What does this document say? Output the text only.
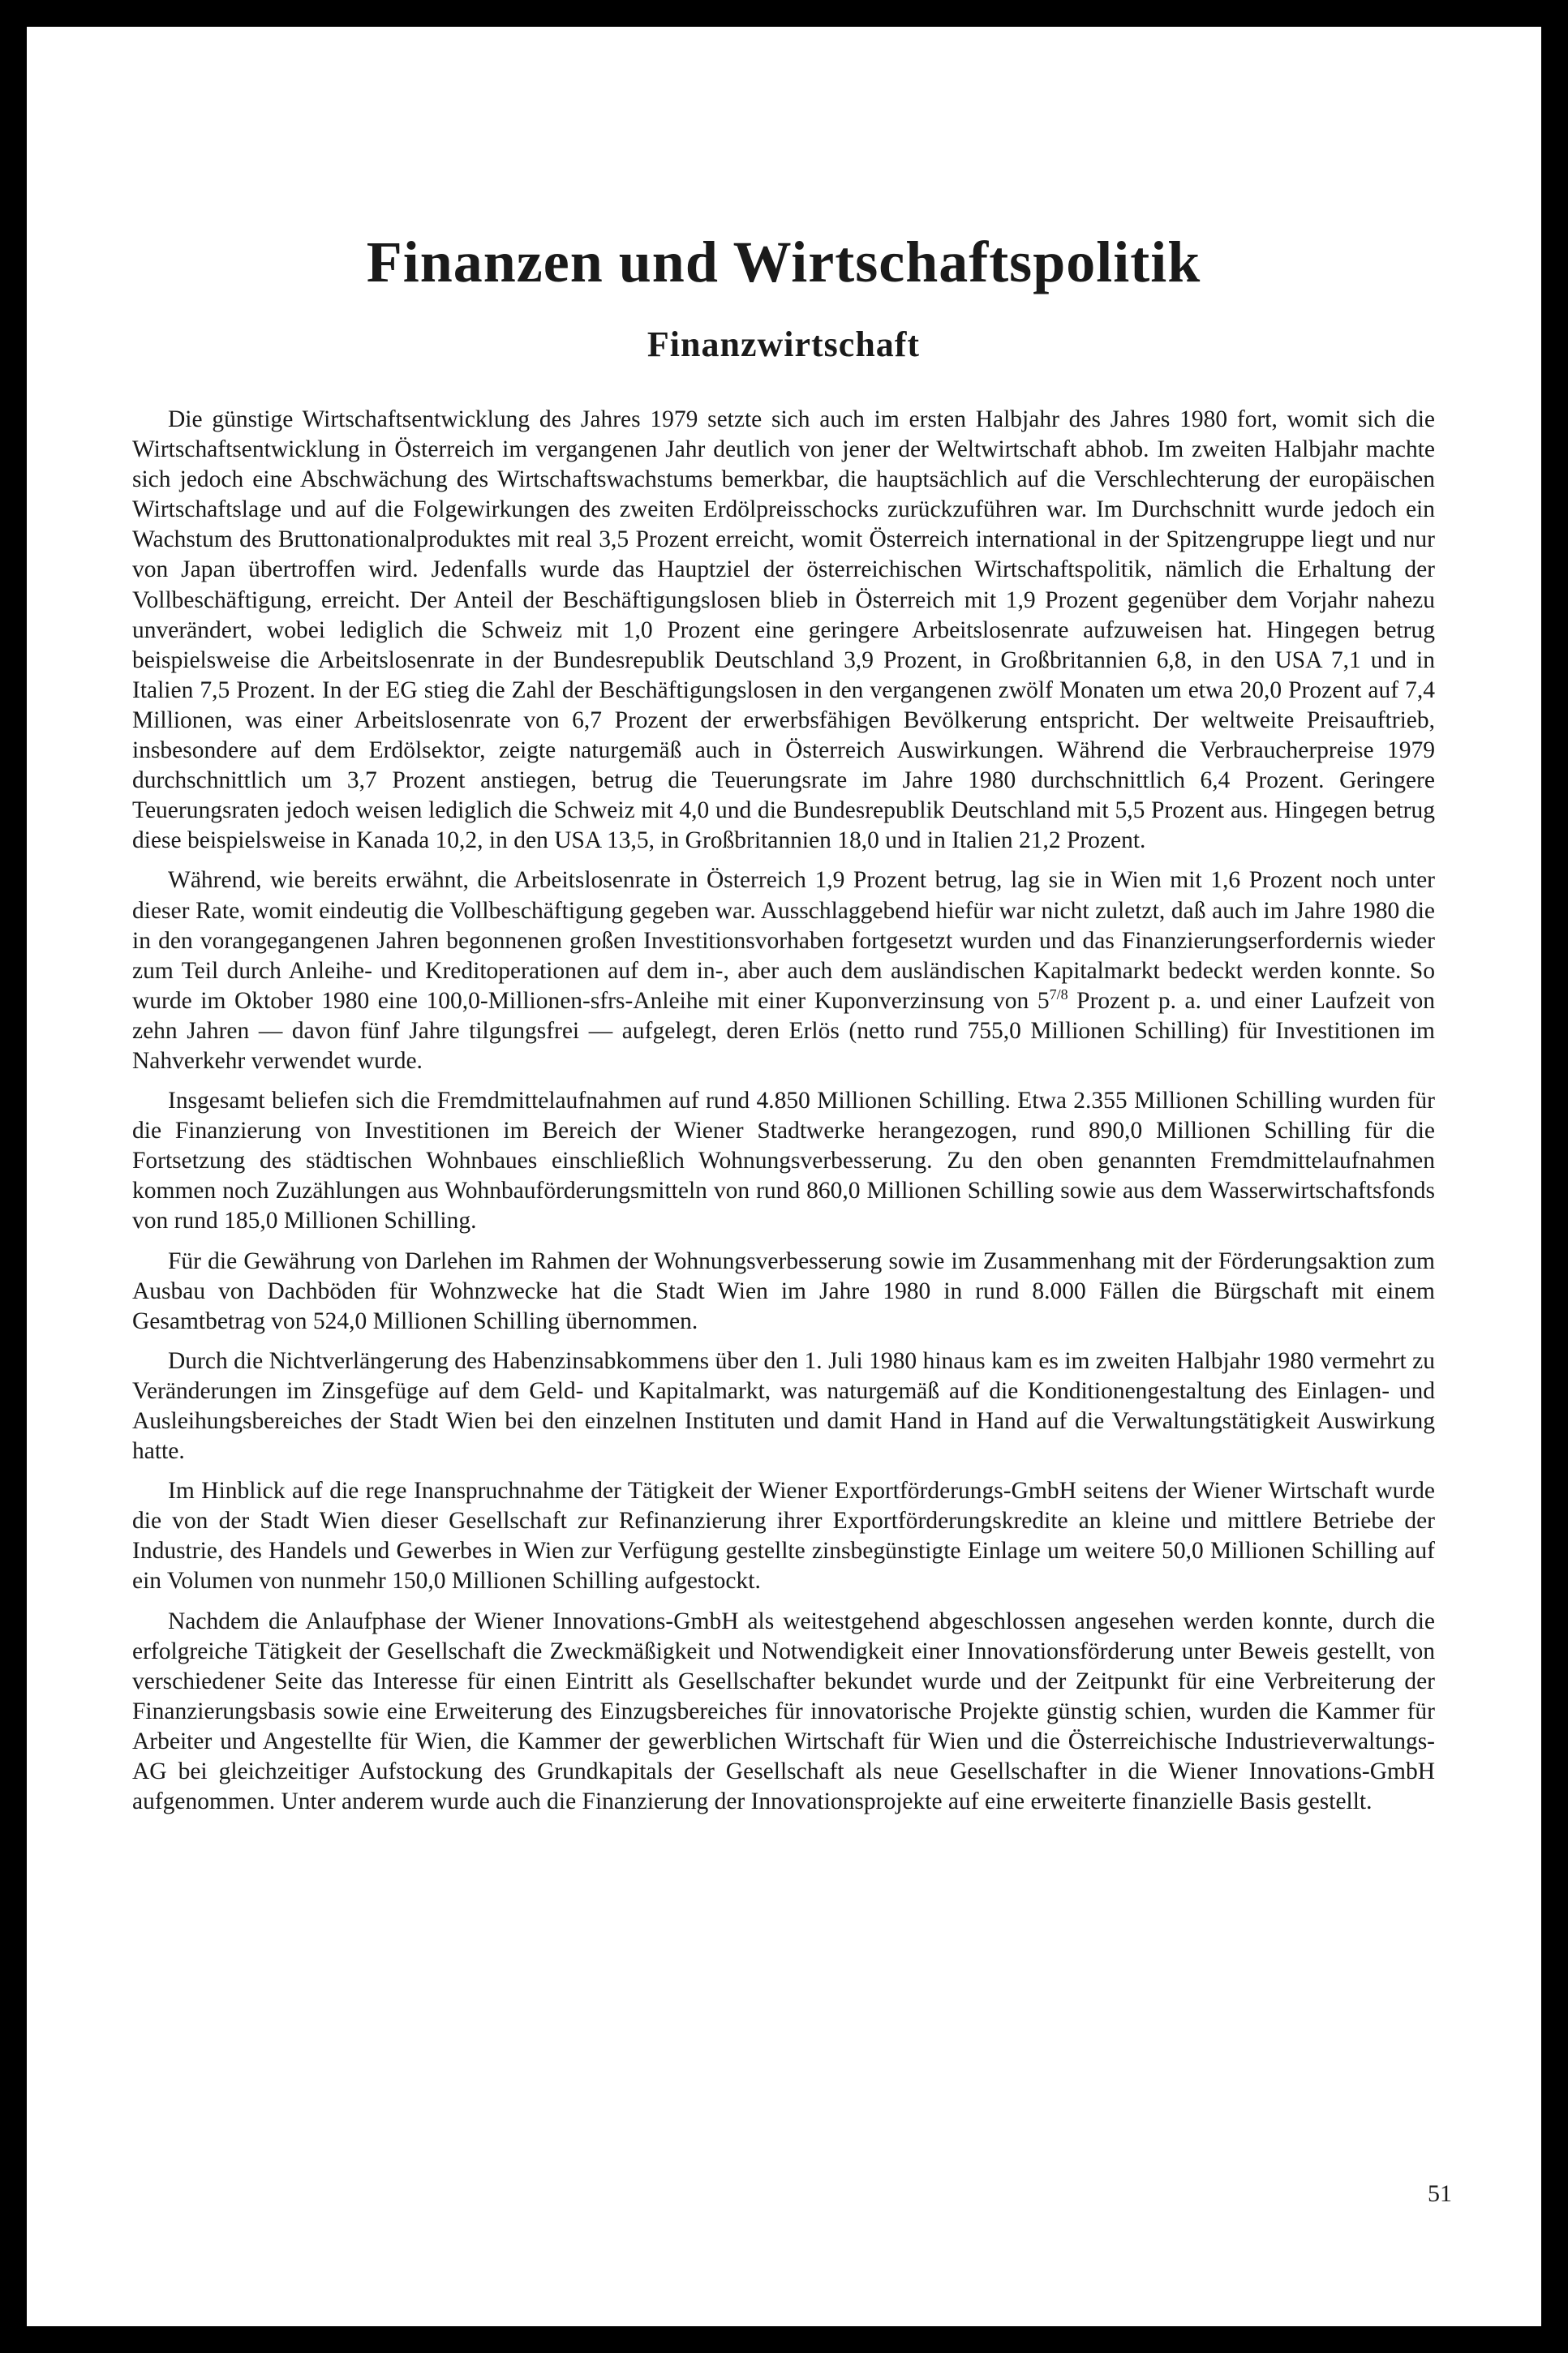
Finanzen und Wirtschaftspolitik
Finanzwirtschaft

Die günstige Wirtschaftsentwicklung des Jahres 1979 setzte sich auch im ersten Halbjahr des Jahres 1980 fort, womit sich die Wirtschaftsentwicklung in Österreich im vergangenen Jahr deutlich von jener der Weltwirtschaft abhob. Im zweiten Halbjahr machte sich jedoch eine Abschwächung des Wirtschaftswachstums bemerkbar, die hauptsächlich auf die Verschlechterung der europäischen Wirtschaftslage und auf die Folgewirkungen des zweiten Erdölpreisschocks zurückzuführen war. Im Durchschnitt wurde jedoch ein Wachstum des Bruttonationalproduktes mit real 3,5 Prozent erreicht, womit Österreich international in der Spitzengruppe liegt und nur von Japan übertroffen wird. Jedenfalls wurde das Hauptziel der österreichischen Wirtschaftspolitik, nämlich die Erhaltung der Vollbeschäftigung, erreicht. Der Anteil der Beschäftigungslosen blieb in Österreich mit 1,9 Prozent gegenüber dem Vorjahr nahezu unverändert, wobei lediglich die Schweiz mit 1,0 Prozent eine geringere Arbeitslosenrate aufzuweisen hat. Hingegen betrug beispielsweise die Arbeitslosenrate in der Bundesrepublik Deutschland 3,9 Prozent, in Großbritannien 6,8, in den USA 7,1 und in Italien 7,5 Prozent. In der EG stieg die Zahl der Beschäftigungslosen in den vergangenen zwölf Monaten um etwa 20,0 Prozent auf 7,4 Millionen, was einer Arbeitslosenrate von 6,7 Prozent der erwerbsfähigen Bevölkerung entspricht. Der weltweite Preisauftrieb, insbesondere auf dem Erdölsektor, zeigte naturgemäß auch in Österreich Auswirkungen. Während die Verbraucherpreise 1979 durchschnittlich um 3,7 Prozent anstiegen, betrug die Teuerungsrate im Jahre 1980 durchschnittlich 6,4 Prozent. Geringere Teuerungsraten jedoch weisen lediglich die Schweiz mit 4,0 und die Bundesrepublik Deutschland mit 5,5 Prozent aus. Hingegen betrug diese beispielsweise in Kanada 10,2, in den USA 13,5, in Großbritannien 18,0 und in Italien 21,2 Prozent.

Während, wie bereits erwähnt, die Arbeitslosenrate in Österreich 1,9 Prozent betrug, lag sie in Wien mit 1,6 Prozent noch unter dieser Rate, womit eindeutig die Vollbeschäftigung gegeben war. Ausschlaggebend hiefür war nicht zuletzt, daß auch im Jahre 1980 die in den vorangegangenen Jahren begonnenen großen Investitionsvorhaben fortgesetzt wurden und das Finanzierungserfordernis wieder zum Teil durch Anleihe- und Kreditoperationen auf dem in-, aber auch dem ausländischen Kapitalmarkt bedeckt werden konnte. So wurde im Oktober 1980 eine 100,0-Millionen-sfrs-Anleihe mit einer Kuponverzinsung von $5^{7/8}$ Prozent p. a. und einer Laufzeit von zehn Jahren — davon fünf Jahre tilgungsfrei — aufgelegt, deren Erlös (netto rund 755,0 Millionen Schilling) für Investitionen im Nahverkehr verwendet wurde.

Insgesamt beliefen sich die Fremdmittelaufnahmen auf rund 4.850 Millionen Schilling. Etwa 2.355 Millionen Schilling wurden für die Finanzierung von Investitionen im Bereich der Wiener Stadtwerke herangezogen, rund 890,0 Millionen Schilling für die Fortsetzung des städtischen Wohnbaues einschließlich Wohnungsverbesserung. Zu den oben genannten Fremdmittelaufnahmen kommen noch Zuzählungen aus Wohnbauförderungsmitteln von rund 860,0 Millionen Schilling sowie aus dem Wasserwirtschaftsfonds von rund 185,0 Millionen Schilling.

Für die Gewährung von Darlehen im Rahmen der Wohnungsverbesserung sowie im Zusammenhang mit der Förderungsaktion zum Ausbau von Dachböden für Wohnzwecke hat die Stadt Wien im Jahre 1980 in rund 8.000 Fällen die Bürgschaft mit einem Gesamtbetrag von 524,0 Millionen Schilling übernommen.

Durch die Nichtverlängerung des Habenzinsabkommens über den 1. Juli 1980 hinaus kam es im zweiten Halbjahr 1980 vermehrt zu Veränderungen im Zinsgefüge auf dem Geld- und Kapitalmarkt, was naturgemäß auf die Konditionengestaltung des Einlagen- und Ausleihungsbereiches der Stadt Wien bei den einzelnen Instituten und damit Hand in Hand auf die Verwaltungstätigkeit Auswirkung hatte.

Im Hinblick auf die rege Inanspruchnahme der Tätigkeit der Wiener Exportförderungs-GmbH seitens der Wiener Wirtschaft wurde die von der Stadt Wien dieser Gesellschaft zur Refinanzierung ihrer Exportförderungskredite an kleine und mittlere Betriebe der Industrie, des Handels und Gewerbes in Wien zur Verfügung gestellte zinsbegünstigte Einlage um weitere 50,0 Millionen Schilling auf ein Volumen von nunmehr 150,0 Millionen Schilling aufgestockt.

Nachdem die Anlaufphase der Wiener Innovations-GmbH als weitestgehend abgeschlossen angesehen werden konnte, durch die erfolgreiche Tätigkeit der Gesellschaft die Zweckmäßigkeit und Notwendigkeit einer Innovationsförderung unter Beweis gestellt, von verschiedener Seite das Interesse für einen Eintritt als Gesellschafter bekundet wurde und der Zeitpunkt für eine Verbreiterung der Finanzierungsbasis sowie eine Erweiterung des Einzugsbereiches für innovatorische Projekte günstig schien, wurden die Kammer für Arbeiter und Angestellte für Wien, die Kammer der gewerblichen Wirtschaft für Wien und die Österreichische Industrieverwaltungs-AG bei gleichzeitiger Aufstockung des Grundkapitals der Gesellschaft als neue Gesellschafter in die Wiener Innovations-GmbH aufgenommen. Unter anderem wurde auch die Finanzierung der Innovationsprojekte auf eine erweiterte finanzielle Basis gestellt.

51
